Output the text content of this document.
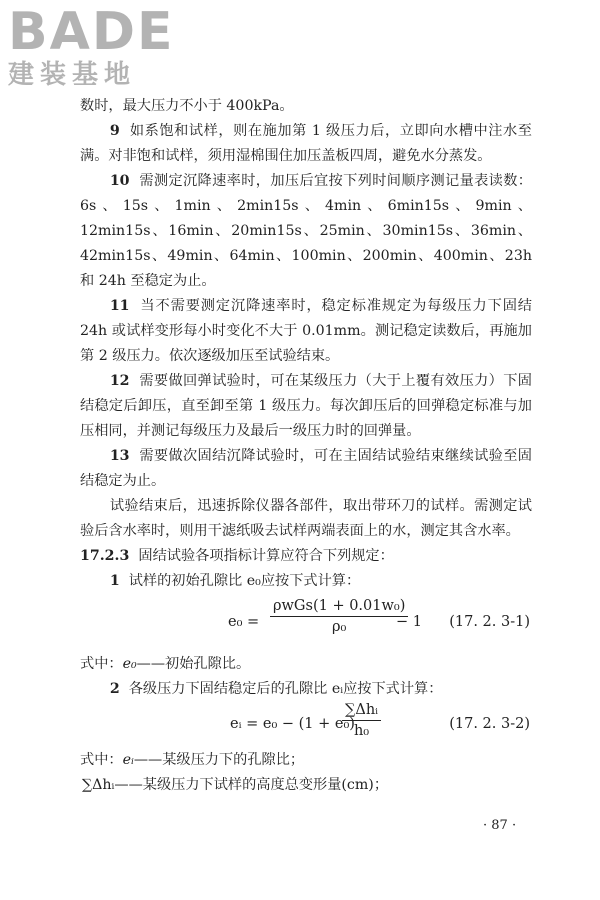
BADE
建装基地

数时，最大压力不小于 400kPa。

9 如系饱和试样，则在施加第 1 级压力后，立即向水槽中注水至满。对非饱和试样，须用湿棉围住加压盖板四周，避免水分蒸发。

10 需测定沉降速率时，加压后宜按下列时间顺序测记量表读数：6s、15s、1min、2min15s、4min、6min15s、9min、12min15s、16min、20min15s、25min、30min15s、36min、42min15s、49min、64min、100min、200min、400min、23h 和 24h 至稳定为止。

11 当不需要测定沉降速率时，稳定标准规定为每级压力下固结 24h 或试样变形每小时变化不大于 0.01mm。测记稳定读数后，再施加第 2 级压力。依次逐级加压至试验结束。

12 需要做回弹试验时，可在某级压力（大于上覆有效压力）下固结稳定后卸压，直至卸至第 1 级压力。每次卸压后的回弹稳定标准与加压相同，并测记每级压力及最后一级压力时的回弹量。

13 需要做次固结沉降试验时，可在主固结试验结束继续试验至固结稳定为止。

试验结束后，迅速拆除仪器各部件，取出带环刀的试样。需测定试验后含水率时，则用干滤纸吸去试样两端表面上的水，测定其含水率。

17.2.3 固结试验各项指标计算应符合下列规定：

1 试样的初始孔隙比 e₀应按下式计算：

e₀ =
ρwGs(1 + 0.01w₀)
ρ₀	− 1 (17. 2. 3-1)

式中：e₀——初始孔隙比。

2 各级压力下固结稳定后的孔隙比 eᵢ应按下式计算：

eᵢ = e₀ − (1 + e₀)
∑Δhᵢ
h₀	(17. 2. 3-2)

式中：eᵢ——某级压力下的孔隙比；

∑Δhᵢ——某级压力下试样的高度总变形量(cm)；

· 87 ·
